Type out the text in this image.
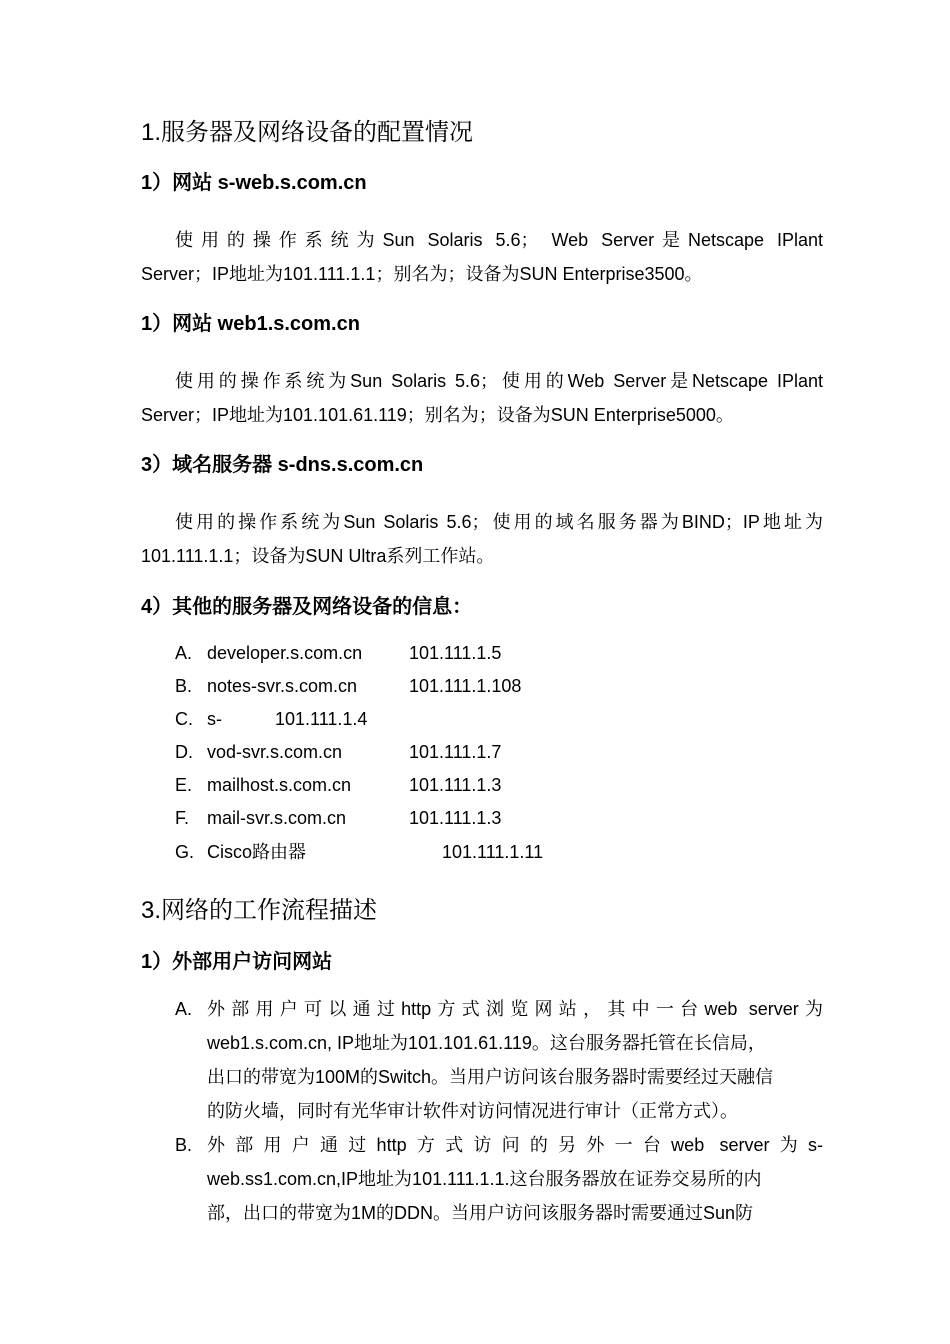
1.服务器及网络设备的配置情况
1）网站 s-web.s.com.cn
使用的操作系统为Sun Solaris 5.6； Web Server是Netscape IPlant
Server；IP地址为101.111.1.1；别名为；设备为SUN Enterprise3500。
1）网站 web1.s.com.cn
使用的操作系统为Sun Solaris 5.6；使用的Web Server是Netscape IPlant
Server；IP地址为101.101.61.119；别名为；设备为SUN Enterprise5000。
3）域名服务器 s-dns.s.com.cn
使用的操作系统为Sun Solaris 5.6；使用的域名服务器为BIND；IP地址为
101.111.1.1；设备为SUN Ultra系列工作站。
4）其他的服务器及网络设备的信息：
A. developer.s.com.cn	101.111.1.5
B. notes-svr.s.com.cn	101.111.1.108
C. s-	101.111.1.4
D. vod-svr.s.com.cn	101.111.1.7
E. mailhost.s.com.cn	101.111.1.3
F. mail-svr.s.com.cn	101.111.1.3
G. Cisco路由器	101.111.1.11
3.网络的工作流程描述
1）外部用户访问网站
A. 外部用户可以通过http方式浏览网站，其中一台web server为
web1.s.com.cn, IP地址为101.101.61.119。这台服务器托管在长信局，
出口的带宽为100M的Switch。当用户访问该台服务器时需要经过天融信
的防火墙，同时有光华审计软件对访问情况进行审计（正常方式）。
B. 外部用户通过http方式访问的另外一台web server为s-
web.ss1.com.cn,IP地址为101.111.1.1.这台服务器放在证券交易所的内
部，出口的带宽为1M的DDN。当用户访问该服务器时需要通过Sun防
